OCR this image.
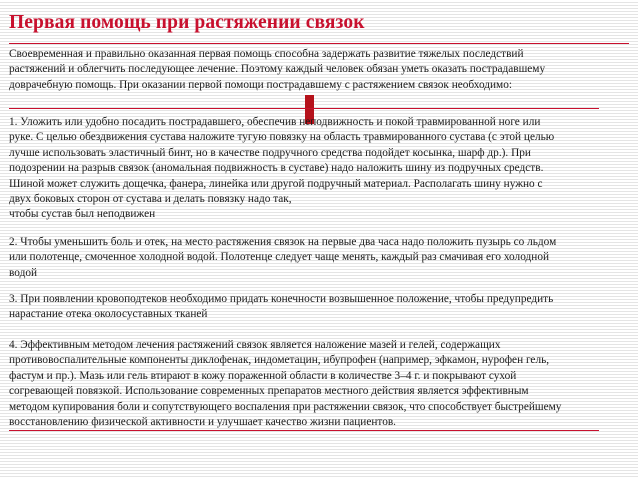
Первая помощь при растяжении связок

Своевременная и правильно оказанная первая помощь способна задержать развитие тяжелых последствий
растяжений и облегчить последующее лечение. Поэтому каждый человек обязан уметь оказать пострадавшему
доврачебную помощь. При оказании первой помощи пострадавшему с растяжением связок необходимо:

1. Уложить или удобно посадить пострадавшего, обеспечив неподвижность и покой травмированной ноге или
руке. С целью обездвижения сустава наложите тугую повязку на область травмированного сустава (с этой целью
лучше использовать эластичный бинт, но в качестве подручного средства подойдет косынка, шарф др.). При
подозрении на разрыв связок (аномальная подвижность в суставе) надо наложить шину из подручных средств.
Шиной может служить дощечка, фанера, линейка или другой подручный материал. Располагать шину нужно с
двух боковых сторон от сустава и делать повязку надо так,
чтобы сустав был неподвижен

2. Чтобы уменьшить боль и отек, на место растяжения связок на первые два часа надо положить пузырь со льдом
или полотенце, смоченное холодной водой. Полотенце следует чаще менять, каждый раз смачивая его холодной
водой

3. При появлении кровоподтеков необходимо придать конечности возвышенное положение, чтобы предупредить
нарастание отека околосуставных тканей

4. Эффективным методом лечения растяжений связок является наложение мазей и гелей, содержащих
противовоспалительные компоненты диклофенак, индометацин, ибупрофен (например, эфкамон, нурофен гель,
фастум и пр.). Мазь или гель втирают в кожу пораженной области в количестве 3–4 г. и покрывают сухой
согревающей повязкой. Использование современных препаратов местного действия является эффективным
методом купирования боли и сопутствующего воспаления при растяжении связок, что способствует быстрейшему
восстановлению физической активности и улучшает качество жизни пациентов.
